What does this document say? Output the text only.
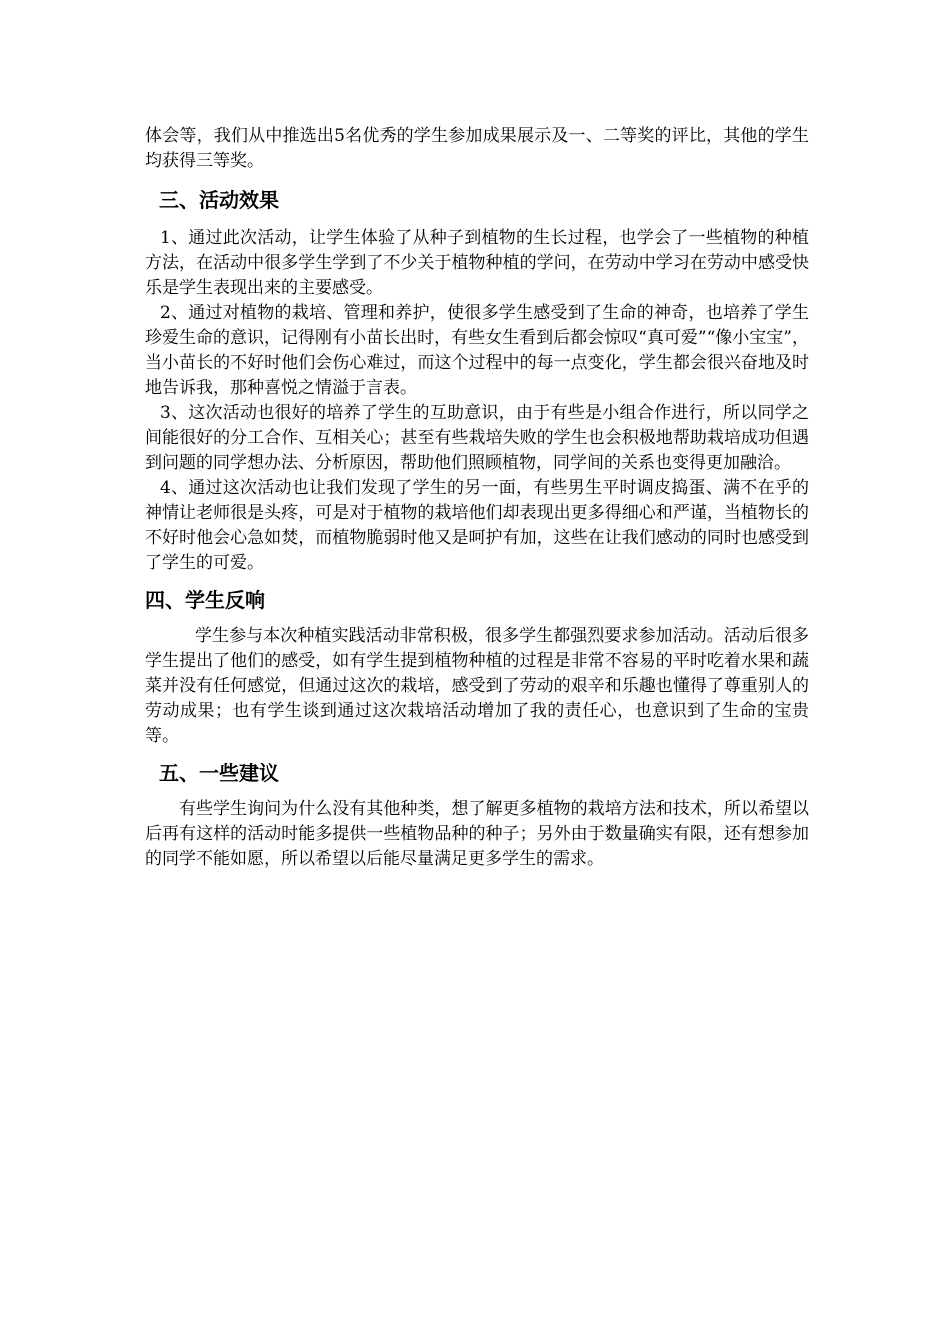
体会等，我们从中推选出5名优秀的学生参加成果展示及一、二等奖的评比，其他的学生均获得三等奖。

三、活动效果

1、通过此次活动，让学生体验了从种子到植物的生长过程，也学会了一些植物的种植方法，在活动中很多学生学到了不少关于植物种植的学问，在劳动中学习在劳动中感受快乐是学生表现出来的主要感受。

2、通过对植物的栽培、管理和养护，使很多学生感受到了生命的神奇，也培养了学生珍爱生命的意识，记得刚有小苗长出时，有些女生看到后都会惊叹“真可爱”“像小宝宝”，当小苗长的不好时他们会伤心难过，而这个过程中的每一点变化，学生都会很兴奋地及时地告诉我，那种喜悦之情溢于言表。

3、这次活动也很好的培养了学生的互助意识，由于有些是小组合作进行，所以同学之间能很好的分工合作、互相关心；甚至有些栽培失败的学生也会积极地帮助栽培成功但遇到问题的同学想办法、分析原因，帮助他们照顾植物，同学间的关系也变得更加融洽。

4、通过这次活动也让我们发现了学生的另一面，有些男生平时调皮捣蛋、满不在乎的神情让老师很是头疼，可是对于植物的栽培他们却表现出更多得细心和严谨，当植物长的不好时他会心急如焚，而植物脆弱时他又是呵护有加，这些在让我们感动的同时也感受到了学生的可爱。

四、学生反响

学生参与本次种植实践活动非常积极，很多学生都强烈要求参加活动。活动后很多学生提出了他们的感受，如有学生提到植物种植的过程是非常不容易的平时吃着水果和蔬菜并没有任何感觉，但通过这次的栽培，感受到了劳动的艰辛和乐趣也懂得了尊重别人的劳动成果；也有学生谈到通过这次栽培活动增加了我的责任心，也意识到了生命的宝贵等。

五、一些建议

有些学生询问为什么没有其他种类，想了解更多植物的栽培方法和技术，所以希望以后再有这样的活动时能多提供一些植物品种的种子；另外由于数量确实有限，还有想参加的同学不能如愿，所以希望以后能尽量满足更多学生的需求。
